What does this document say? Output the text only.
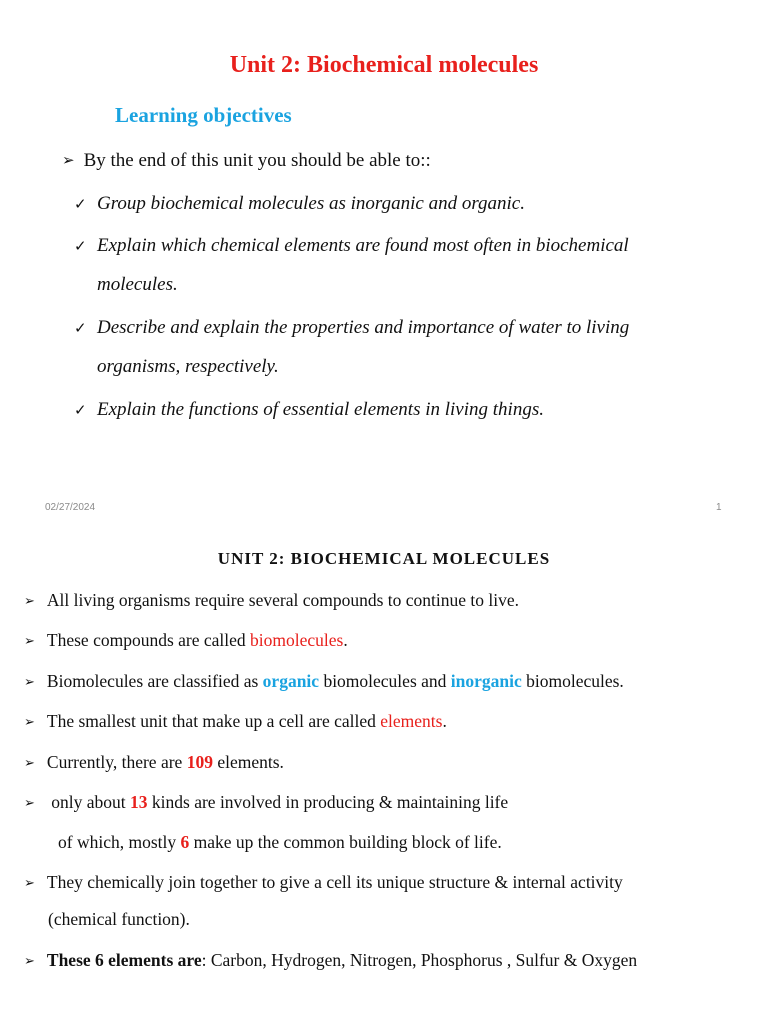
Unit 2: Biochemical molecules
Learning objectives
➢ By the end of this unit you should be able to::
✓ Group biochemical molecules as inorganic and organic.
✓ Explain which chemical elements are found most often in biochemical
molecules.
✓ Describe and explain the properties and importance of water to living
organisms, respectively.
✓ Explain the functions of essential elements in living things.
02/27/2024	1
UNIT 2: BIOCHEMICAL MOLECULES
➢ All living organisms require several compounds to continue to live.
➢ These compounds are called biomolecules.
➢ Biomolecules are classified as organic biomolecules and inorganic biomolecules.
➢ The smallest unit that make up a cell are called elements.
➢ Currently, there are 109 elements.
➢ only about 13 kinds are involved in producing & maintaining life
of which, mostly 6 make up the common building block of life.
➢ They chemically join together to give a cell its unique structure & internal activity
(chemical function).
➢ These 6 elements are: Carbon, Hydrogen, Nitrogen, Phosphorus , Sulfur & Oxygen
